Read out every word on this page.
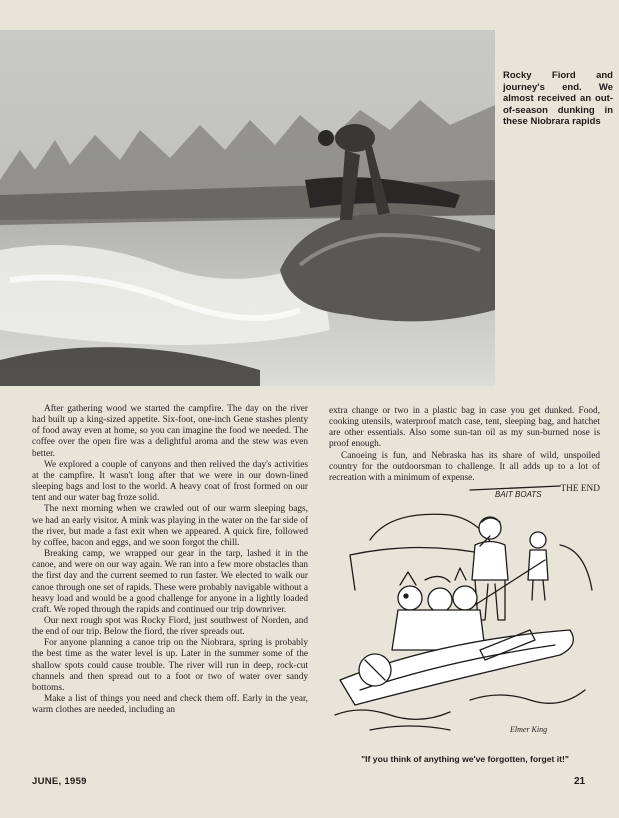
Rocky Fiord and journey's end. We almost received an out-of-season dunking in these Niobrara rapids

After gathering wood we started the campfire. The day on the river had built up a king-sized appetite. Six-foot, one-inch Gene stashes plenty of food away even at home, so you can imagine the food we needed. The coffee over the open fire was a delightful aroma and the stew was even better.

We explored a couple of canyons and then relived the day's activities at the campfire. It wasn't long after that we were in our down-lined sleeping bags and lost to the world. A heavy coat of frost formed on our tent and our water bag froze solid.

The next morning when we crawled out of our warm sleeping bags, we had an early visitor. A mink was playing in the water on the far side of the river, but made a fast exit when we appeared. A quick fire, followed by coffee, bacon and eggs, and we soon forgot the chill.

Breaking camp, we wrapped our gear in the tarp, lashed it in the canoe, and were on our way again. We ran into a few more obstacles than the first day and the current seemed to run faster. We elected to walk our canoe through one set of rapids. These were probably navigable without a heavy load and would be a good challenge for anyone in a lightly loaded craft. We roped through the rapids and continued our trip downriver.

Our next rough spot was Rocky Fiord, just southwest of Norden, and the end of our trip. Below the fiord, the river spreads out.

For anyone planning a canoe trip on the Niobrara, spring is probably the best time as the water level is up. Later in the summer some of the shallow spots could cause trouble. The river will run in deep, rock-cut channels and then spread out to a foot or two of water over sandy bottoms.

Make a list of things you need and check them off. Early in the year, warm clothes are needed, including an

extra change or two in a plastic bag in case you get dunked. Food, cooking utensils, waterproof match case, tent, sleeping bag, and hatchet are other essentials. Also some sun-tan oil as my sun-burned nose is proof enough.

Canoeing is fun, and Nebraska has its share of wild, unspoiled country for the outdoorsman to challenge. It all adds up to a lot of recreation with a minimum of expense.

THE END

BAIT BOATS
Elmer King
"If you think of anything we've forgotten, forget it!"
JUNE, 1959	21
